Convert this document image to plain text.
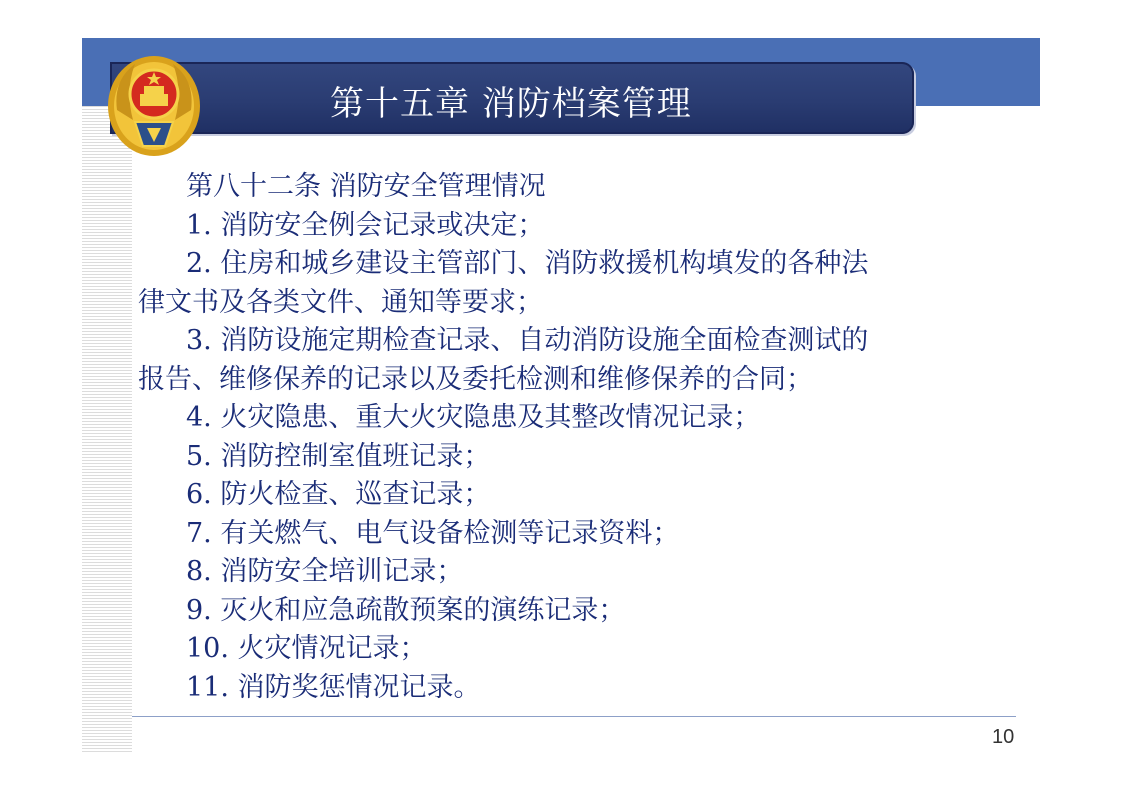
第十五章 消防档案管理
第八十二条 消防安全管理情况
1. 消防安全例会记录或决定；
2. 住房和城乡建设主管部门、消防救援机构填发的各种法
律文书及各类文件、通知等要求；
3. 消防设施定期检查记录、自动消防设施全面检查测试的
报告、维修保养的记录以及委托检测和维修保养的合同；
4. 火灾隐患、重大火灾隐患及其整改情况记录；
5. 消防控制室值班记录；
6. 防火检查、巡查记录；
7. 有关燃气、电气设备检测等记录资料；
8. 消防安全培训记录；
9. 灭火和应急疏散预案的演练记录；
10. 火灾情况记录；
11. 消防奖惩情况记录。
10
